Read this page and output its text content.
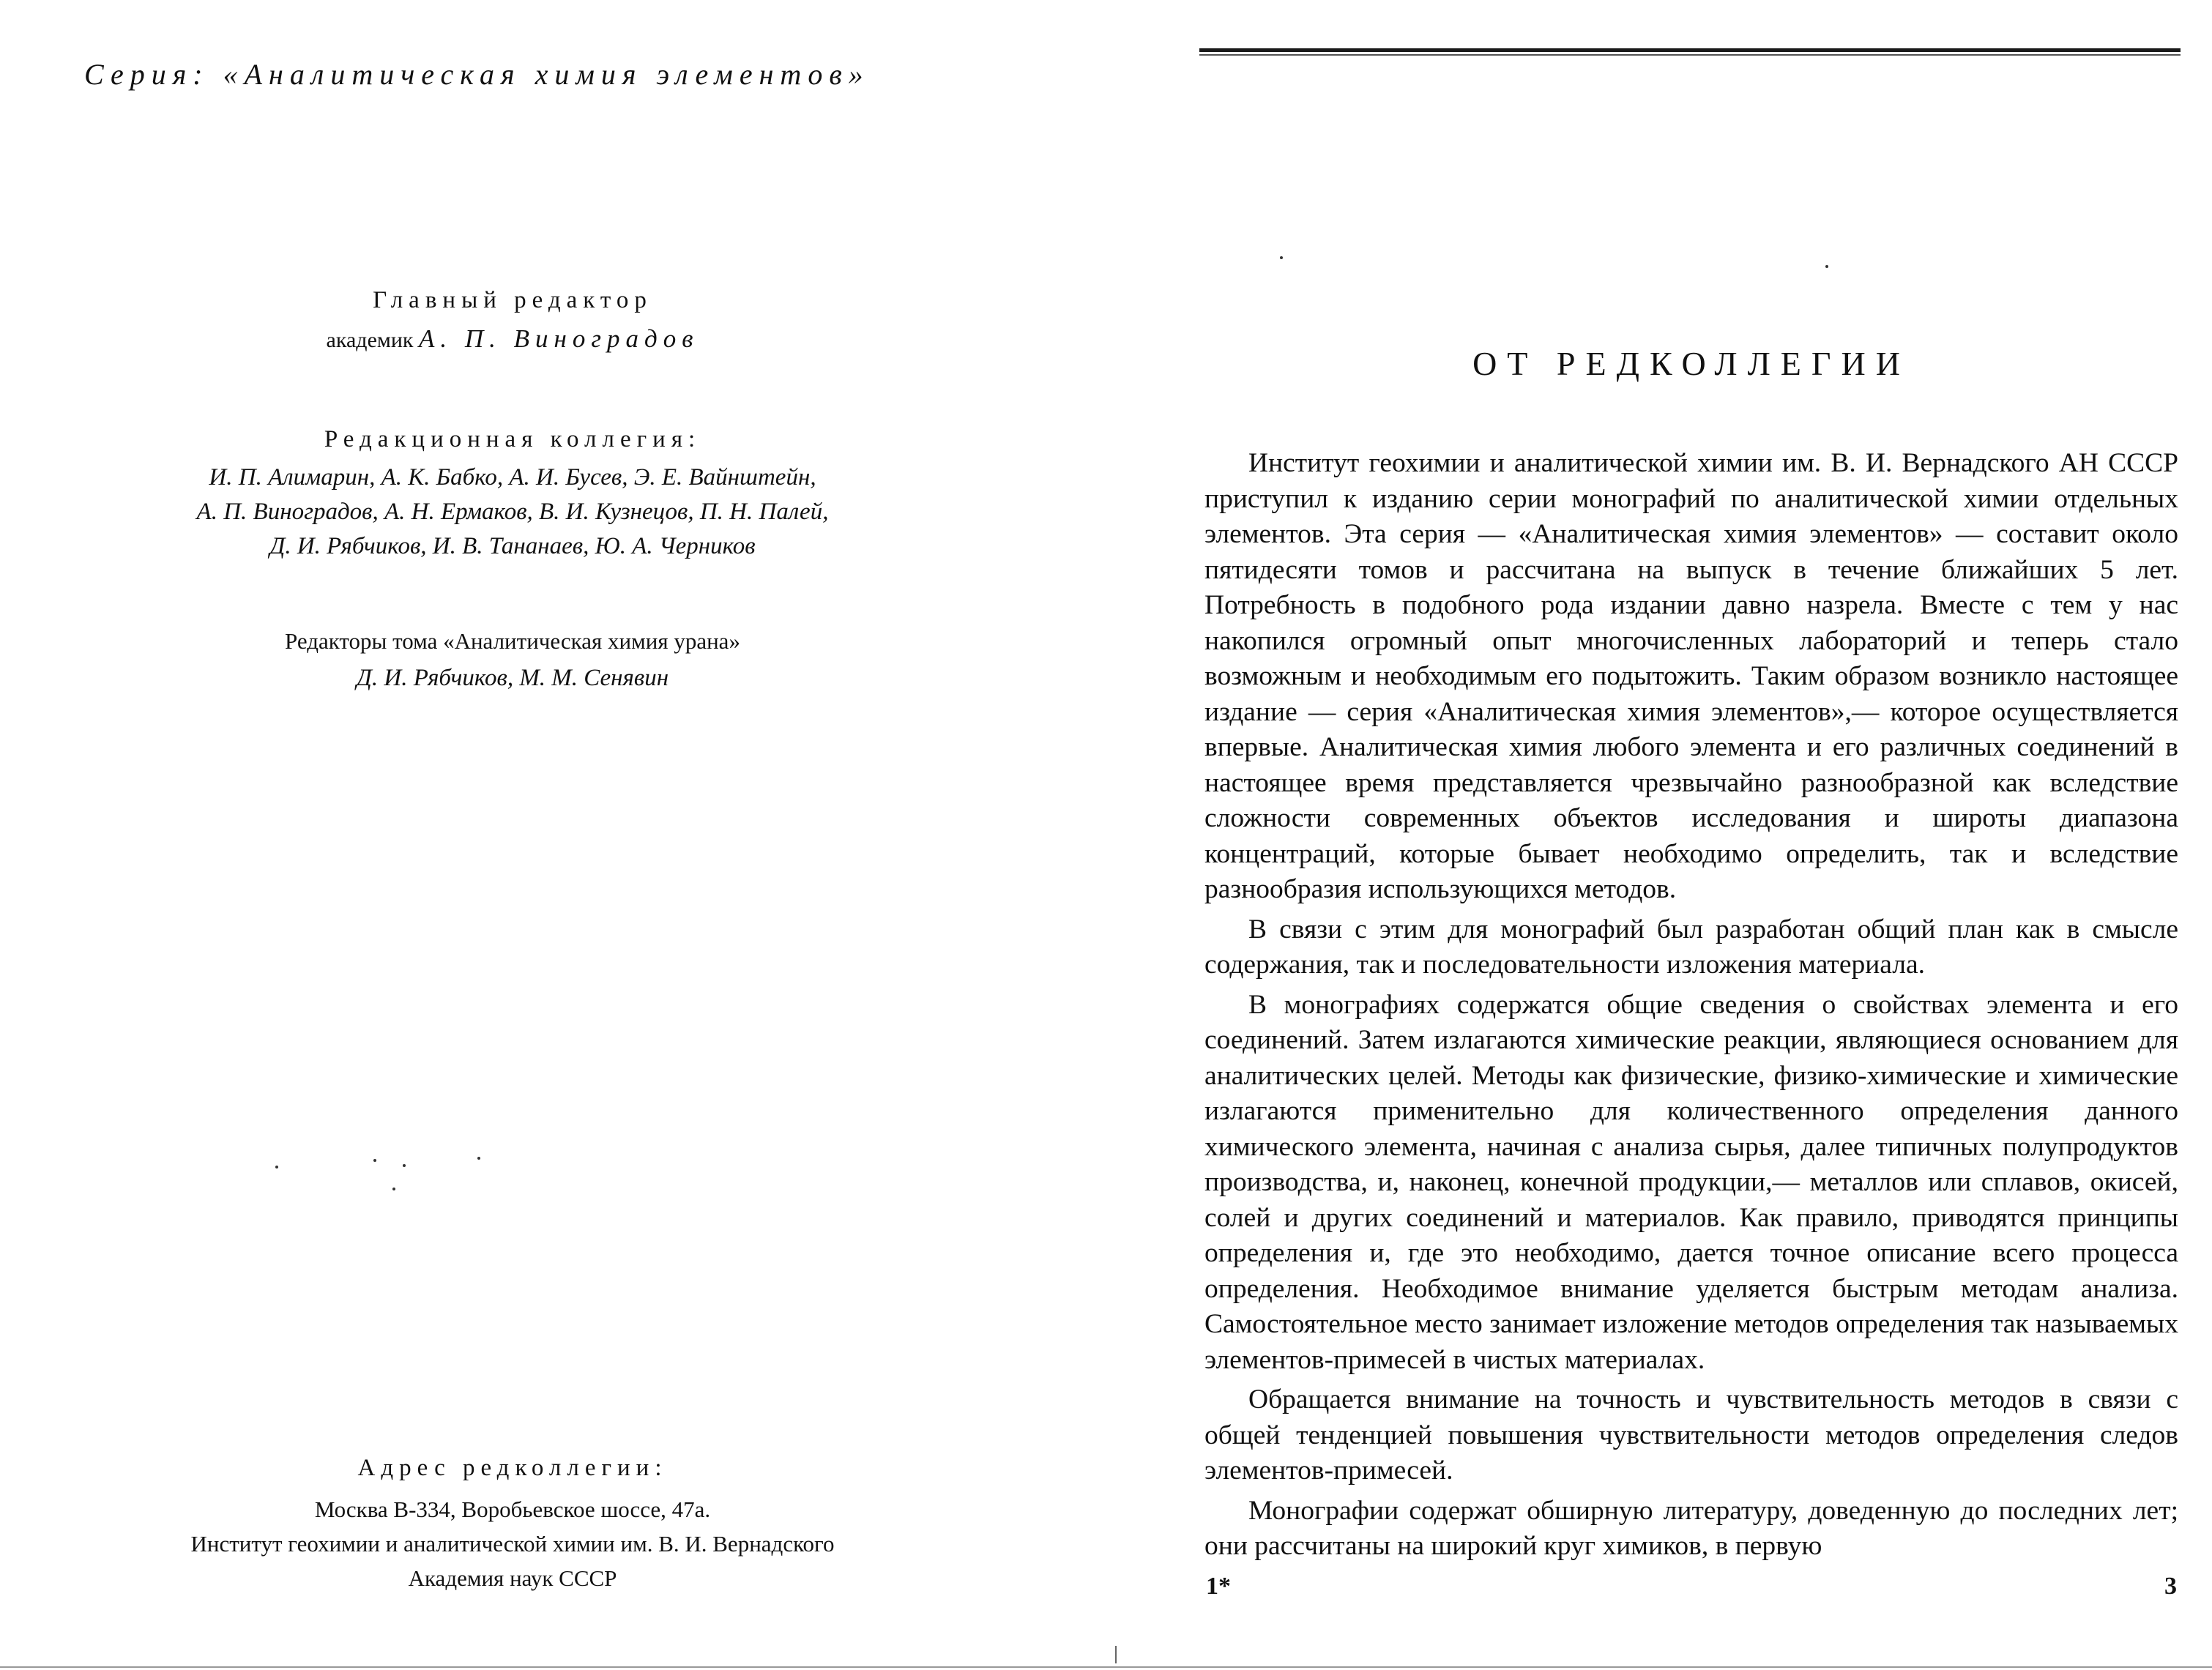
Серия: «Аналитическая химия элементов»
Главный редактор
академик А. П. Виноградов
Редакционная коллегия:
И. П. Алимарин, А. К. Бабко, А. И. Бусев, Э. Е. Вайнштейн,
А. П. Виноградов, А. Н. Ермаков, В. И. Кузнецов, П. Н. Палей,
Д. И. Рябчиков, И. В. Тананаев, Ю. А. Черников
Редакторы тома «Аналитическая химия урана»
Д. И. Рябчиков, М. М. Сенявин
Адрес редколлегии:
Москва В-334, Воробьевское шоссе, 47а.
Институт геохимии и аналитической химии им. В. И. Вернадского
Академия наук СССР
ОТ РЕДКОЛЛЕГИИ

Институт геохимии и аналитической химии им. В. И. Вернадского АН СССР приступил к изданию серии монографий по аналитической химии отдельных элементов. Эта серия — «Аналитическая химия элементов» — составит около пятидесяти томов и рассчитана на выпуск в течение ближайших 5 лет. Потребность в подобного рода издании давно назрела. Вместе с тем у нас накопился огромный опыт многочисленных лабораторий и теперь стало возможным и необходимым его подытожить. Таким образом возникло настоящее издание — серия «Аналитическая химия элементов»,— которое осуществляется впервые. Аналитическая химия любого элемента и его различных соединений в настоящее время представляется чрезвычайно разнообразной как вследствие сложности современных объектов исследования и широты диапазона концентраций, которые бывает необходимо определить, так и вследствие разнообразия использующихся методов.

В связи с этим для монографий был разработан общий план как в смысле содержания, так и последовательности изложения материала.

В монографиях содержатся общие сведения о свойствах элемента и его соединений. Затем излагаются химические реакции, являющиеся основанием для аналитических целей. Методы как физические, физико-химические и химические излагаются применительно для количественного определения данного химического элемента, начиная с анализа сырья, далее типичных полупродуктов производства, и, наконец, конечной продукции,— металлов или сплавов, окисей, солей и других соединений и материалов. Как правило, приводятся принципы определения и, где это необходимо, дается точное описание всего процесса определения. Необходимое внимание уделяется быстрым методам анализа. Самостоятельное место занимает изложение методов определения так называемых элементов-примесей в чистых материалах.

Обращается внимание на точность и чувствительность методов в связи с общей тенденцией повышения чувствительности методов определения следов элементов-примесей.

Монографии содержат обширную литературу, доведенную до последних лет; они рассчитаны на широкий круг химиков, в первую

1*	3
